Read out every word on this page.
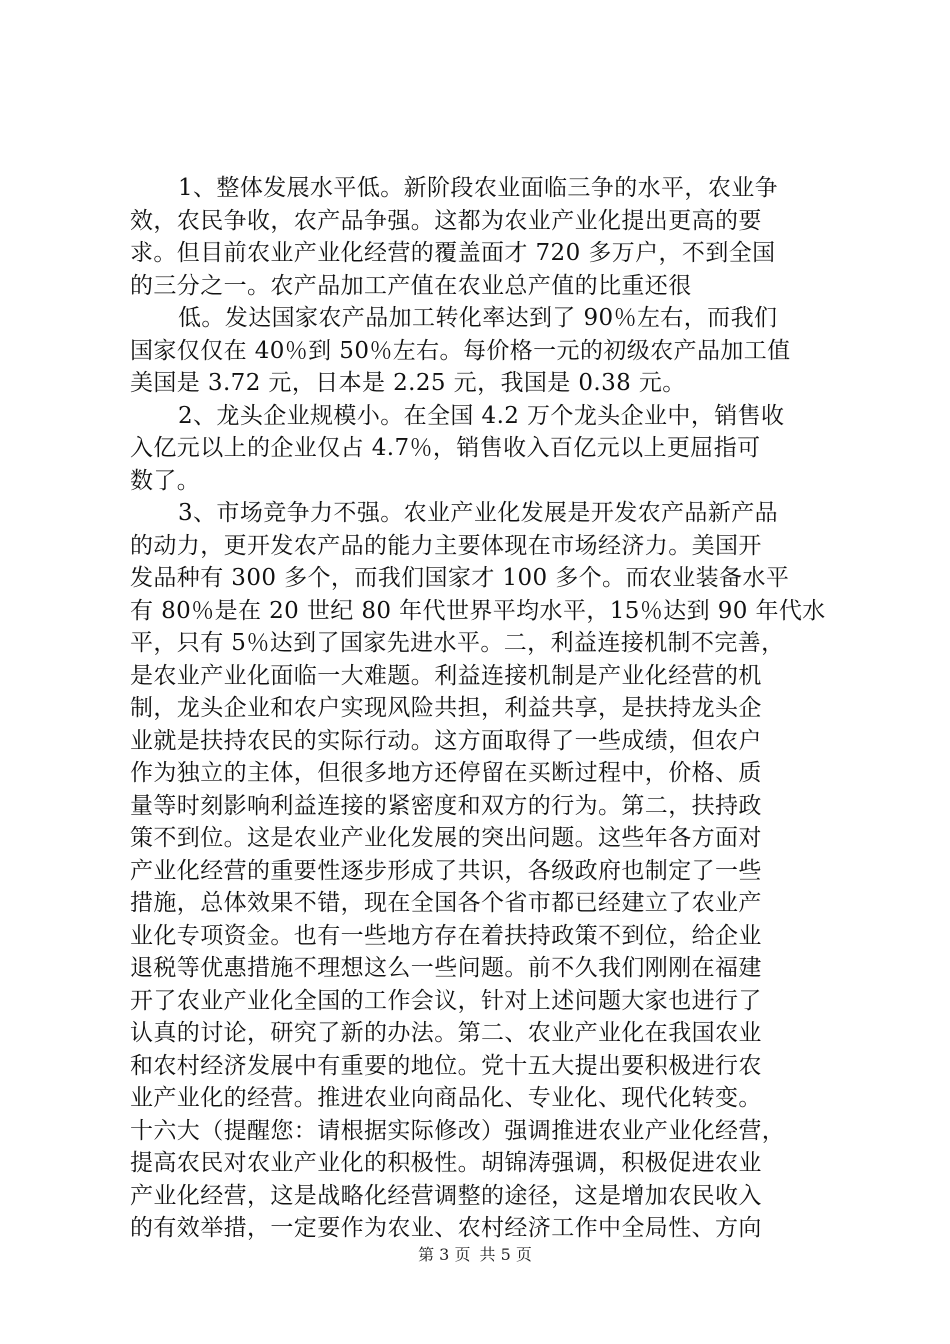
1、整体发展水平低。新阶段农业面临三争的水平，农业争
效，农民争收，农产品争强。这都为农业产业化提出更高的要
求。但目前农业产业化经营的覆盖面才 720 多万户，不到全国
的三分之一。农产品加工产值在农业总产值的比重还很
低。发达国家农产品加工转化率达到了 90％左右，而我们
国家仅仅在 40％到 50％左右。每价格一元的初级农产品加工值
美国是 3.72 元，日本是 2.25 元，我国是 0.38 元。
2、龙头企业规模小。在全国 4.2 万个龙头企业中，销售收
入亿元以上的企业仅占 4.7％，销售收入百亿元以上更屈指可
数了。
3、市场竞争力不强。农业产业化发展是开发农产品新产品
的动力，更开发农产品的能力主要体现在市场经济力。美国开
发品种有 300 多个，而我们国家才 100 多个。而农业装备水平
有 80％是在 20 世纪 80 年代世界平均水平，15％达到 90 年代水
平，只有 5％达到了国家先进水平。二，利益连接机制不完善，
是农业产业化面临一大难题。利益连接机制是产业化经营的机
制，龙头企业和农户实现风险共担，利益共享，是扶持龙头企
业就是扶持农民的实际行动。这方面取得了一些成绩，但农户
作为独立的主体，但很多地方还停留在买断过程中，价格、质
量等时刻影响利益连接的紧密度和双方的行为。第二，扶持政
策不到位。这是农业产业化发展的突出问题。这些年各方面对
产业化经营的重要性逐步形成了共识，各级政府也制定了一些
措施，总体效果不错，现在全国各个省市都已经建立了农业产
业化专项资金。也有一些地方存在着扶持政策不到位，给企业
退税等优惠措施不理想这么一些问题。前不久我们刚刚在福建
开了农业产业化全国的工作会议，针对上述问题大家也进行了
认真的讨论，研究了新的办法。第二、农业产业化在我国农业
和农村经济发展中有重要的地位。党十五大提出要积极进行农
业产业化的经营。推进农业向商品化、专业化、现代化转变。
十六大（提醒您：请根据实际修改）强调推进农业产业化经营，
提高农民对农业产业化的积极性。胡锦涛强调，积极促进农业
产业化经营，这是战略化经营调整的途径，这是增加农民收入
的有效举措，一定要作为农业、农村经济工作中全局性、方向
第 3 页 共 5 页
